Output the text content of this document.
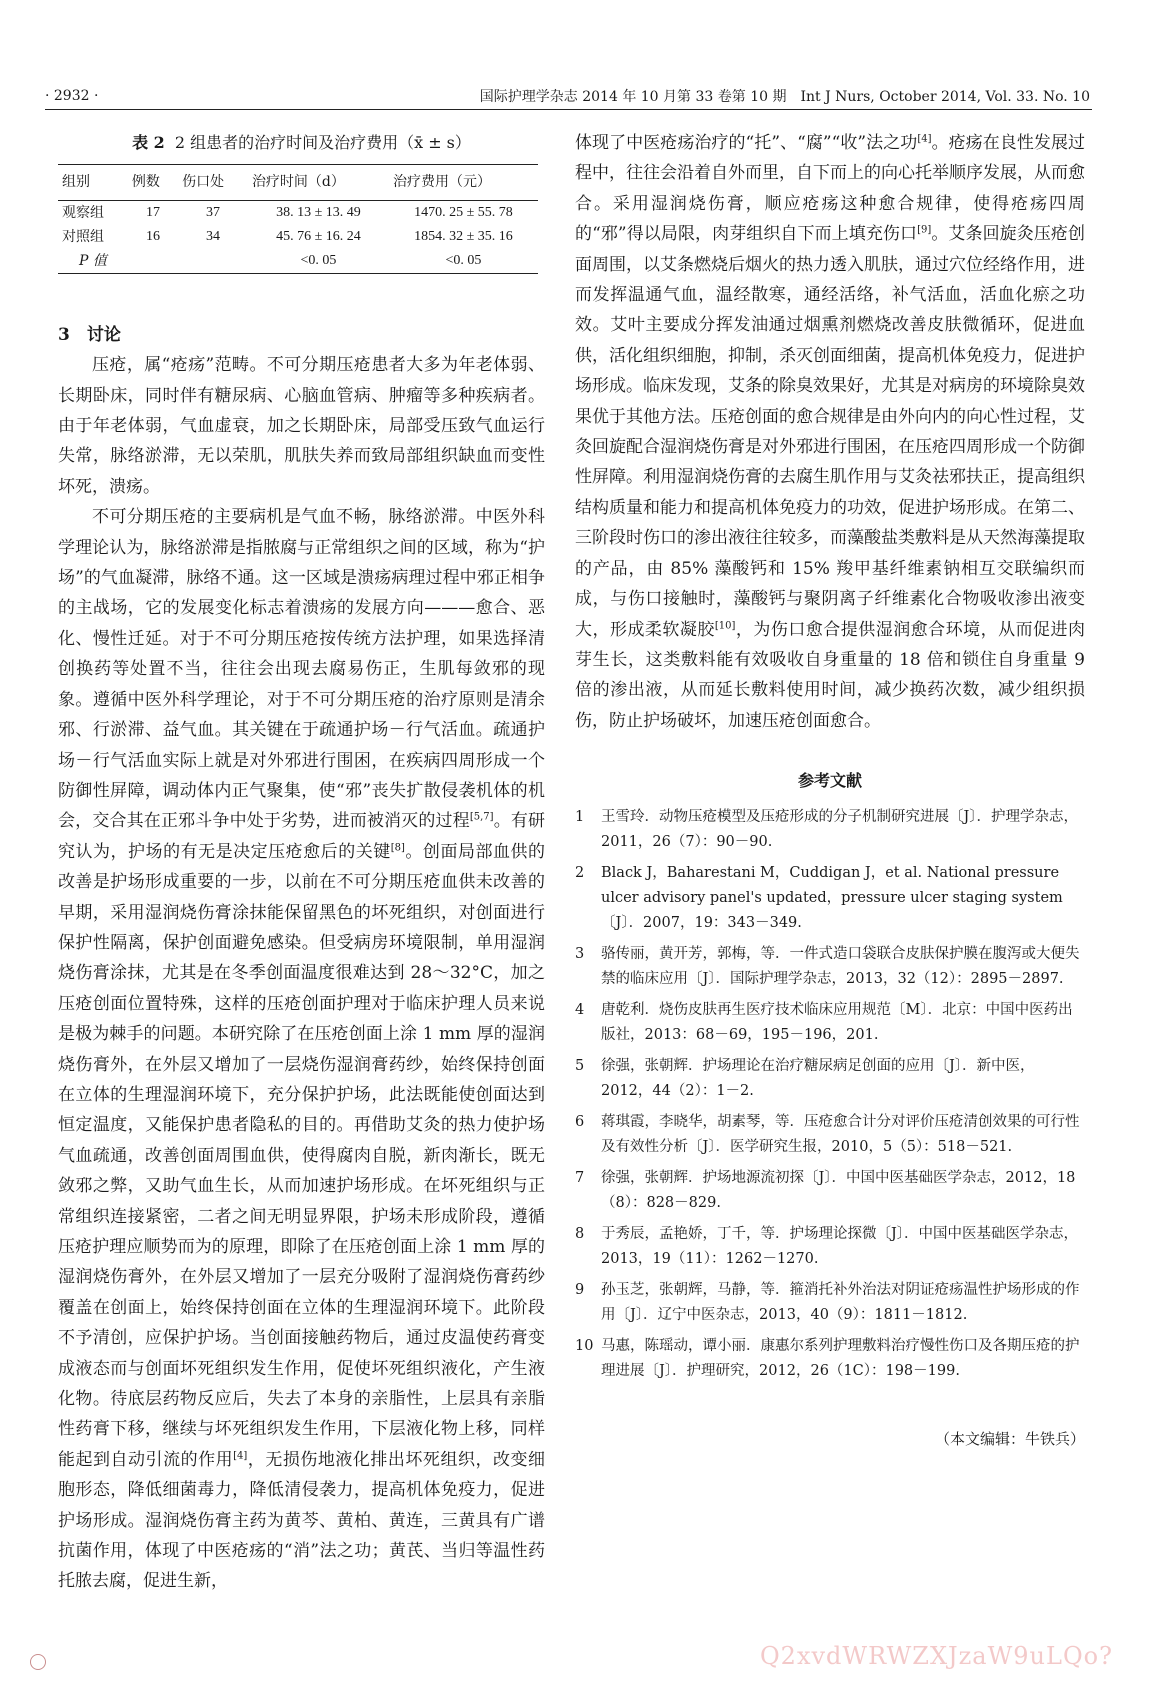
· 2932 ·	国际护理学杂志 2014 年 10 月第 33 卷第 10 期　Int J Nurs, October 2014, Vol. 33. No. 10
表 2 2 组患者的治疗时间及治疗费用（x̄ ± s）
组别	例数	伤口处	治疗时间（d）	治疗费用（元）
观察组	17	37	38. 13 ± 13. 49	1470. 25 ± 55. 78
对照组	16	34	45. 76 ± 16. 24	1854. 32 ± 35. 16
P 值			<0. 05	<0. 05
3　讨论

压疮，属“疮疡”范畴。不可分期压疮患者大多为年老体弱、长期卧床，同时伴有糖尿病、心脑血管病、肿瘤等多种疾病者。由于年老体弱，气血虚衰，加之长期卧床，局部受压致气血运行失常，脉络淤滞，无以荣肌，肌肤失养而致局部组织缺血而变性坏死，溃疡。

不可分期压疮的主要病机是气血不畅，脉络淤滞。中医外科学理论认为，脉络淤滞是指脓腐与正常组织之间的区域，称为“护场”的气血凝滞，脉络不通。这一区域是溃疡病理过程中邪正相争的主战场，它的发展变化标志着溃疡的发展方向———愈合、恶化、慢性迁延。对于不可分期压疮按传统方法护理，如果选择清创换药等处置不当，往往会出现去腐易伤正，生肌每敛邪的现象。遵循中医外科学理论，对于不可分期压疮的治疗原则是清余邪、行淤滞、益气血。其关键在于疏通护场－行气活血。疏通护场－行气活血实际上就是对外邪进行围困，在疾病四周形成一个防御性屏障，调动体内正气聚集，使“邪”丧失扩散侵袭机体的机会，交合其在正邪斗争中处于劣势，进而被消灭的过程[5,7]。有研究认为，护场的有无是决定压疮愈后的关键[8]。创面局部血供的改善是护场形成重要的一步，以前在不可分期压疮血供未改善的早期，采用湿润烧伤膏涂抹能保留黑色的坏死组织，对创面进行保护性隔离，保护创面避免感染。但受病房环境限制，单用湿润烧伤膏涂抹，尤其是在冬季创面温度很难达到 28～32°C，加之压疮创面位置特殊，这样的压疮创面护理对于临床护理人员来说是极为棘手的问题。本研究除了在压疮创面上涂 1 mm 厚的湿润烧伤膏外，在外层又增加了一层烧伤湿润膏药纱，始终保持创面在立体的生理湿润环境下，充分保护护场，此法既能使创面达到恒定温度，又能保护患者隐私的目的。再借助艾灸的热力使护场气血疏通，改善创面周围血供，使得腐肉自脱，新肉渐长，既无敛邪之弊，又助气血生长，从而加速护场形成。在坏死组织与正常组织连接紧密，二者之间无明显界限，护场未形成阶段，遵循压疮护理应顺势而为的原理，即除了在压疮创面上涂 1 mm 厚的湿润烧伤膏外，在外层又增加了一层充分吸附了湿润烧伤膏药纱覆盖在创面上，始终保持创面在立体的生理湿润环境下。此阶段不予清创，应保护护场。当创面接触药物后，通过皮温使药膏变成液态而与创面坏死组织发生作用，促使坏死组织液化，产生液化物。待底层药物反应后，失去了本身的亲脂性，上层具有亲脂性药膏下移，继续与坏死组织发生作用，下层液化物上移，同样能起到自动引流的作用[4]，无损伤地液化排出坏死组织，改变细胞形态，降低细菌毒力，降低清侵袭力，提高机体免疫力，促进护场形成。湿润烧伤膏主药为黄芩、黄柏、黄连，三黄具有广谱抗菌作用，体现了中医疮疡的“消”法之功；黄芪、当归等温性药托脓去腐，促进生新，

体现了中医疮疡治疗的“托”、“腐”“收”法之功[4]。疮疡在良性发展过程中，往往会沿着自外而里，自下而上的向心托举顺序发展，从而愈合。采用湿润烧伤膏，顺应疮疡这种愈合规律，使得疮疡四周的“邪”得以局限，肉芽组织自下而上填充伤口[9]。艾条回旋灸压疮创面周围，以艾条燃烧后烟火的热力透入肌肤，通过穴位经络作用，进而发挥温通气血，温经散寒，通经活络，补气活血，活血化瘀之功效。艾叶主要成分挥发油通过烟熏剂燃烧改善皮肤微循环，促进血供，活化组织细胞，抑制，杀灭创面细菌，提高机体免疫力，促进护场形成。临床发现，艾条的除臭效果好，尤其是对病房的环境除臭效果优于其他方法。压疮创面的愈合规律是由外向内的向心性过程，艾灸回旋配合湿润烧伤膏是对外邪进行围困，在压疮四周形成一个防御性屏障。利用湿润烧伤膏的去腐生肌作用与艾灸祛邪扶正，提高组织结构质量和能力和提高机体免疫力的功效，促进护场形成。在第二、三阶段时伤口的渗出液往往较多，而藻酸盐类敷料是从天然海藻提取的产品，由 85% 藻酸钙和 15% 羧甲基纤维素钠相互交联编织而成，与伤口接触时，藻酸钙与聚阴离子纤维素化合物吸收渗出液变大，形成柔软凝胶[10]，为伤口愈合提供湿润愈合环境，从而促进肉芽生长，这类敷料能有效吸收自身重量的 18 倍和锁住自身重量 9 倍的渗出液，从而延长敷料使用时间，减少换药次数，减少组织损伤，防止护场破坏，加速压疮创面愈合。
参考文献
1 王雪玲．动物压疮模型及压疮形成的分子机制研究进展〔J〕．护理学杂志，2011，26（7）：90－90.
2 Black J，Baharestani M，Cuddigan J，et al. National pressure ulcer advisory panel's updated，pressure ulcer staging system〔J〕．2007，19：343－349.
3 骆传丽，黄开芳，郭梅，等．一件式造口袋联合皮肤保护膜在腹泻或大便失禁的临床应用〔J〕．国际护理学杂志，2013，32（12）：2895－2897.
4 唐乾利．烧伤皮肤再生医疗技术临床应用规范〔M〕．北京：中国中医药出版社，2013：68－69，195－196，201.
5 徐强，张朝辉．护场理论在治疗糖尿病足创面的应用〔J〕．新中医，2012，44（2）：1－2.
6 蒋琪霞，李晓华，胡素琴，等．压疮愈合计分对评价压疮清创效果的可行性及有效性分析〔J〕．医学研究生报，2010，5（5）：518－521.
7 徐强，张朝辉．护场地源流初探〔J〕．中国中医基础医学杂志，2012，18（8）：828－829.
8 于秀辰，孟艳娇，丁千，等．护场理论探微〔J〕．中国中医基础医学杂志，2013，19（11）：1262－1270.
9 孙玉芝，张朝辉，马静，等．箍消托补外治法对阴证疮疡温性护场形成的作用〔J〕．辽宁中医杂志，2013，40（9）：1811－1812.
10 马惠，陈瑶动，谭小丽．康惠尔系列护理敷料治疗慢性伤口及各期压疮的护理进展〔J〕．护理研究，2012，26（1C）：198－199.
（本文编辑：牛铁兵）
Q2xvdWRWZXJzaW9uLQo?
